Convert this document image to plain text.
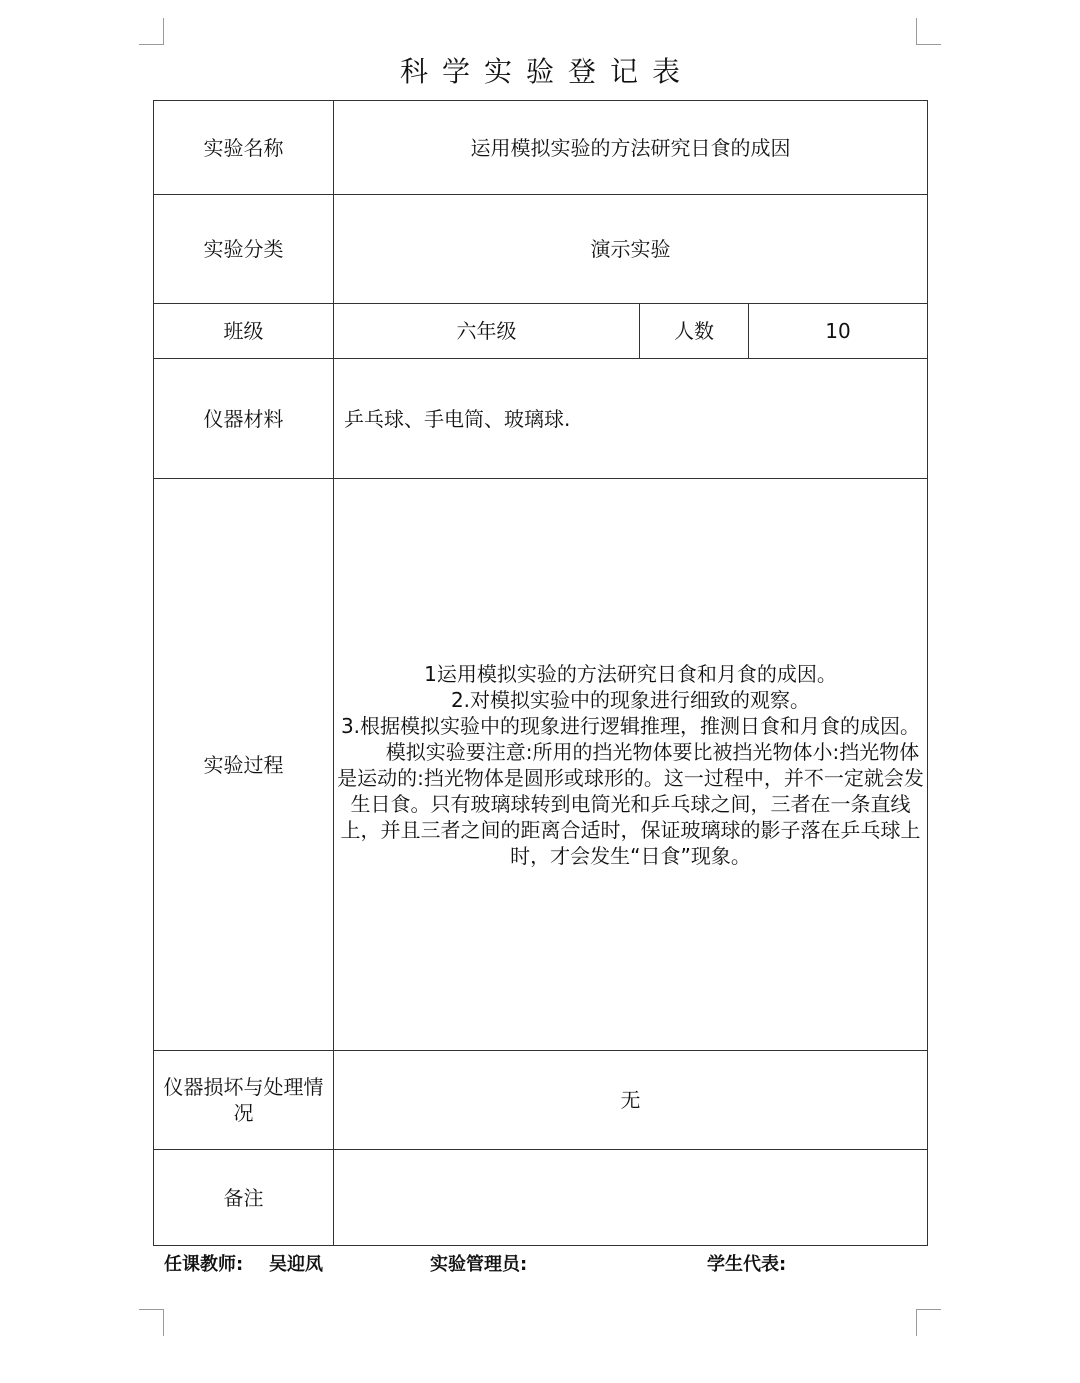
科学实验登记表
实验名称	运用模拟实验的方法研究日食的成因		
实验分类	演示实验		
班级	六年级	人数	10
仪器材料	乒乓球、手电筒、玻璃球.		
实验过程	1运用模拟实验的方法研究日食和月食的成因。

2.对模拟实验中的现象进行细致的观察。

3.根据模拟实验中的现象进行逻辑推理，推测日食和月食的成因。

模拟实验要注意:所用的挡光物体要比被挡光物体小:挡光物体是运动的:挡光物体是圆形或球形的。这一过程中，并不一定就会发生日食。只有玻璃球转到电筒光和乒乓球之间，三者在一条直线上，并且三者之间的距离合适时，保证玻璃球的影子落在乒乓球上时，才会发生“日食”现象。		

仪器损坏与处理情况	无		
备注			
任课教师: 吴迎凤	实验管理员:	学生代表:
